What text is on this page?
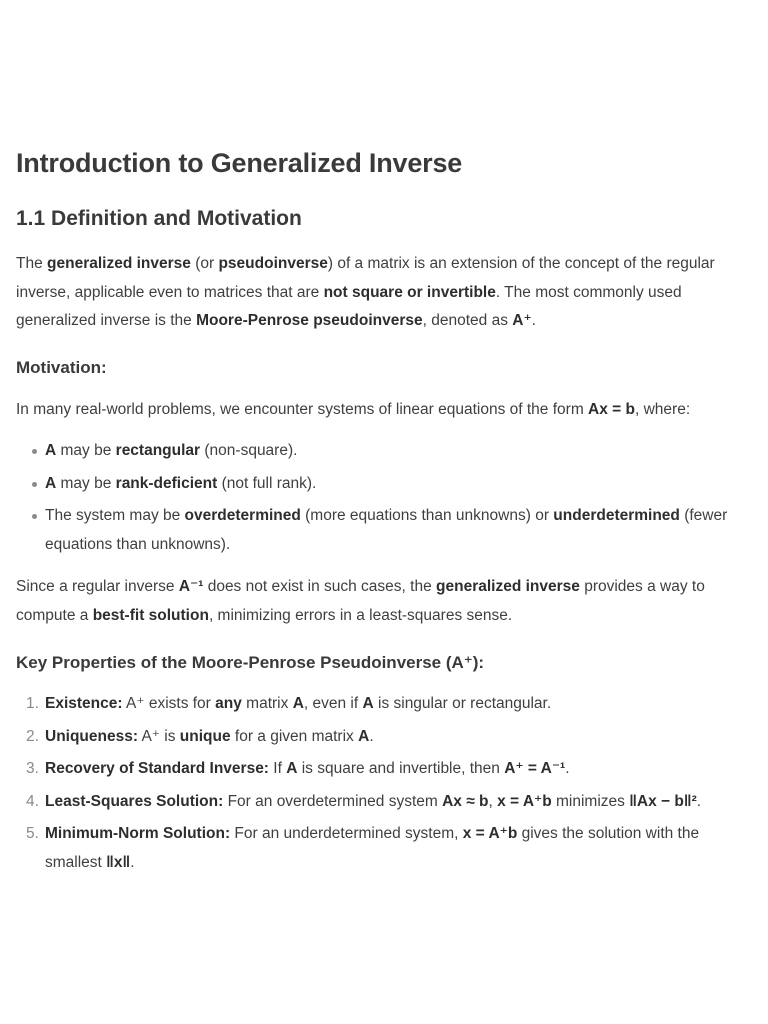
Introduction to Generalized Inverse
1.1 Definition and Motivation
The generalized inverse (or pseudoinverse) of a matrix is an extension of the concept of the regular
inverse, applicable even to matrices that are not square or invertible. The most commonly used
generalized inverse is the Moore-Penrose pseudoinverse, denoted as A⁺.
Motivation:
In many real-world problems, we encounter systems of linear equations of the form Ax = b, where:
A may be rectangular (non-square).
A may be rank-deficient (not full rank).
The system may be overdetermined (more equations than unknowns) or underdetermined (fewer
equations than unknowns).
Since a regular inverse A⁻¹ does not exist in such cases, the generalized inverse provides a way to
compute a best-fit solution, minimizing errors in a least-squares sense.
Key Properties of the Moore-Penrose Pseudoinverse (A⁺):
1. Existence: A⁺ exists for any matrix A, even if A is singular or rectangular.
2. Uniqueness: A⁺ is unique for a given matrix A.
3. Recovery of Standard Inverse: If A is square and invertible, then A⁺ = A⁻¹.
4. Least-Squares Solution: For an overdetermined system Ax ≈ b, x = A⁺b minimizes ‖Ax − b‖².
5. Minimum-Norm Solution: For an underdetermined system, x = A⁺b gives the solution with the
smallest ‖x‖.
